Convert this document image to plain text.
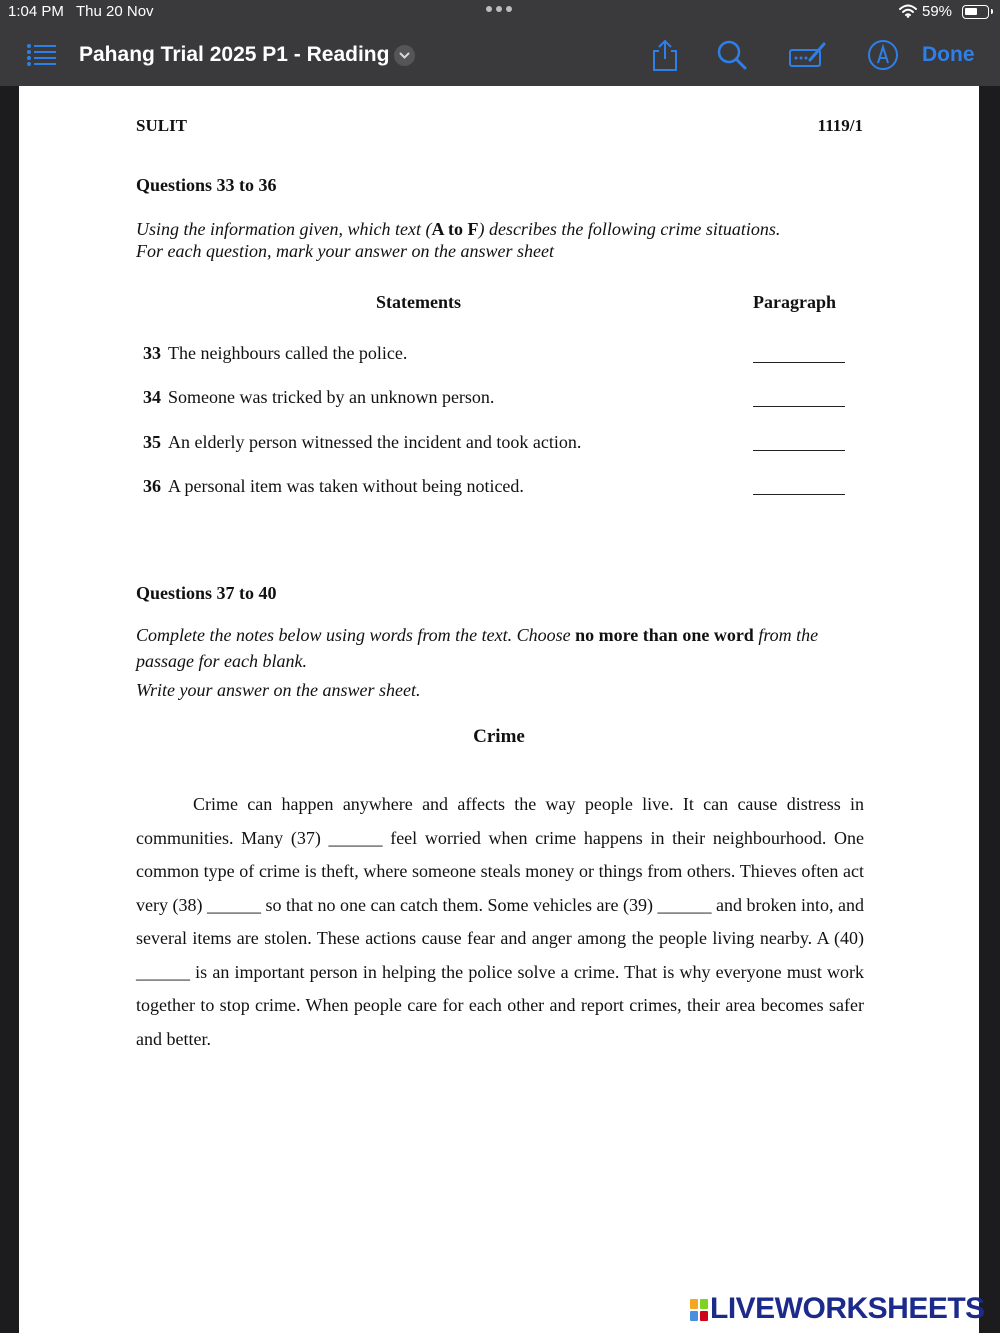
1:04 PM Thu 20 Nov	59%
Pahang Trial 2025 P1 - Reading	Done
SULIT	1119/1
Questions 33 to 36
Using the information given, which text (A to F) describes the following crime situations.
For each question, mark your answer on the answer sheet
Statements	Paragraph
33 The neighbours called the police.
34 Someone was tricked by an unknown person.
35 An elderly person witnessed the incident and took action.
36 A personal item was taken without being noticed.
Questions 37 to 40
Complete the notes below using words from the text. Choose no more than one word from the passage for each blank.
Write your answer on the answer sheet.
Crime
Crime can happen anywhere and affects the way people live. It can cause distress in communities. Many (37) ______ feel worried when crime happens in their neighbourhood. One common type of crime is theft, where someone steals money or things from others. Thieves often act very (38) ______ so that no one can catch them. Some vehicles are (39) ______ and broken into, and several items are stolen. These actions cause fear and anger among the people living nearby. A (40) ______ is an important person in helping the police solve a crime. That is why everyone must work together to stop crime. When people care for each other and report crimes, their area becomes safer and better.
LIVEWORKSHEETS
